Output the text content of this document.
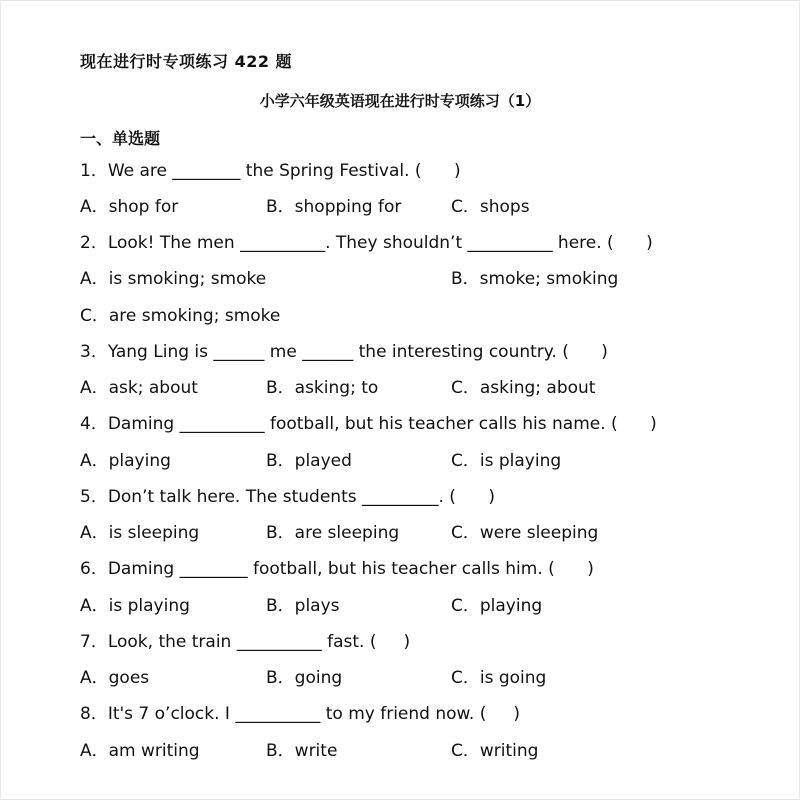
现在进行时专项练习 422 题
小学六年级英语现在进行时专项练习（1）
一、单选题
1．We are ________ the Spring Festival. (      )
A．shop for	B．shopping for	C．shops
2．Look! The men __________. They shouldn’t __________ here. (      )
A．is smoking; smoke	B．smoke; smoking
C．are smoking; smoke
3．Yang Ling is ______ me ______ the interesting country. (      )
A．ask; about	B．asking; to	C．asking; about
4．Daming __________ football, but his teacher calls his name. (      )
A．playing	B．played	C．is playing
5．Don’t talk here. The students _________. (      )
A．is sleeping	B．are sleeping	C．were sleeping
6．Daming ________ football, but his teacher calls him. (      )
A．is playing	B．plays	C．playing
7．Look, the train __________ fast. (     )
A．goes	B．going	C．is going
8．It's 7 o’clock. I __________ to my friend now. (     )
A．am writing	B．write	C．writing
